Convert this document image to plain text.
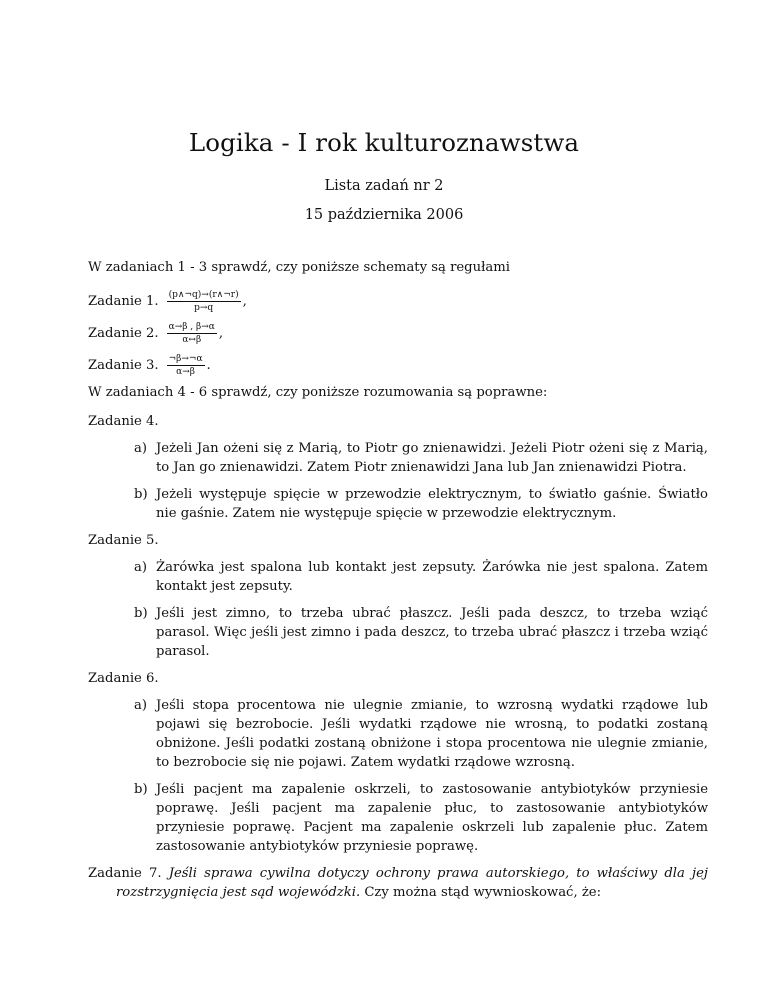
Logika - I rok kulturoznawstwa

Lista zadań nr 2

15 października 2006

W zadaniach 1 - 3 sprawdź, czy poniższe schematy są regułami

Zadanie 1. $\frac{(p\wedge\neg q)\to(r\wedge\neg r)}{p\to q}$ ,
Zadanie 2. $\frac{\alpha\to\beta , \beta\to\alpha}{\alpha\leftrightarrow\beta}$ ,
Zadanie 3. $\frac{\neg\beta\to\neg\alpha}{\alpha\to\beta}$ .

W zadaniach 4 - 6 sprawdź, czy poniższe rozumowania są poprawne:

Zadanie 4.

a) Jeżeli Jan ożeni się z Marią, to Piotr go znienawidzi. Jeżeli Piotr ożeni się z Marią, to Jan go znienawidzi. Zatem Piotr znienawidzi Jana lub Jan znienawidzi Piotra.
b) Jeżeli występuje spięcie w przewodzie elektrycznym, to światło gaśnie. Światło nie gaśnie. Zatem nie występuje spięcie w przewodzie elektrycznym.

Zadanie 5.

a) Żarówka jest spalona lub kontakt jest zepsuty. Żarówka nie jest spalona. Zatem kontakt jest zepsuty.
b) Jeśli jest zimno, to trzeba ubrać płaszcz. Jeśli pada deszcz, to trzeba wziąć parasol. Więc jeśli jest zimno i pada deszcz, to trzeba ubrać płaszcz i trzeba wziąć parasol.

Zadanie 6.

a) Jeśli stopa procentowa nie ulegnie zmianie, to wzrosną wydatki rządowe lub pojawi się bezrobocie. Jeśli wydatki rządowe nie wrosną, to podatki zostaną obniżone. Jeśli podatki zostaną obniżone i stopa procentowa nie ulegnie zmianie, to bezrobocie się nie pojawi. Zatem wydatki rządowe wzrosną.
b) Jeśli pacjent ma zapalenie oskrzeli, to zastosowanie antybiotyków przyniesie poprawę. Jeśli pacjent ma zapalenie płuc, to zastosowanie antybiotyków przyniesie poprawę. Pacjent ma zapalenie oskrzeli lub zapalenie płuc. Zatem zastosowanie antybiotyków przyniesie poprawę.

Zadanie 7. Jeśli sprawa cywilna dotyczy ochrony prawa autorskiego, to właściwy dla jej rozstrzygnięcia jest sąd wojewódzki. Czy można stąd wywnioskować, że:
